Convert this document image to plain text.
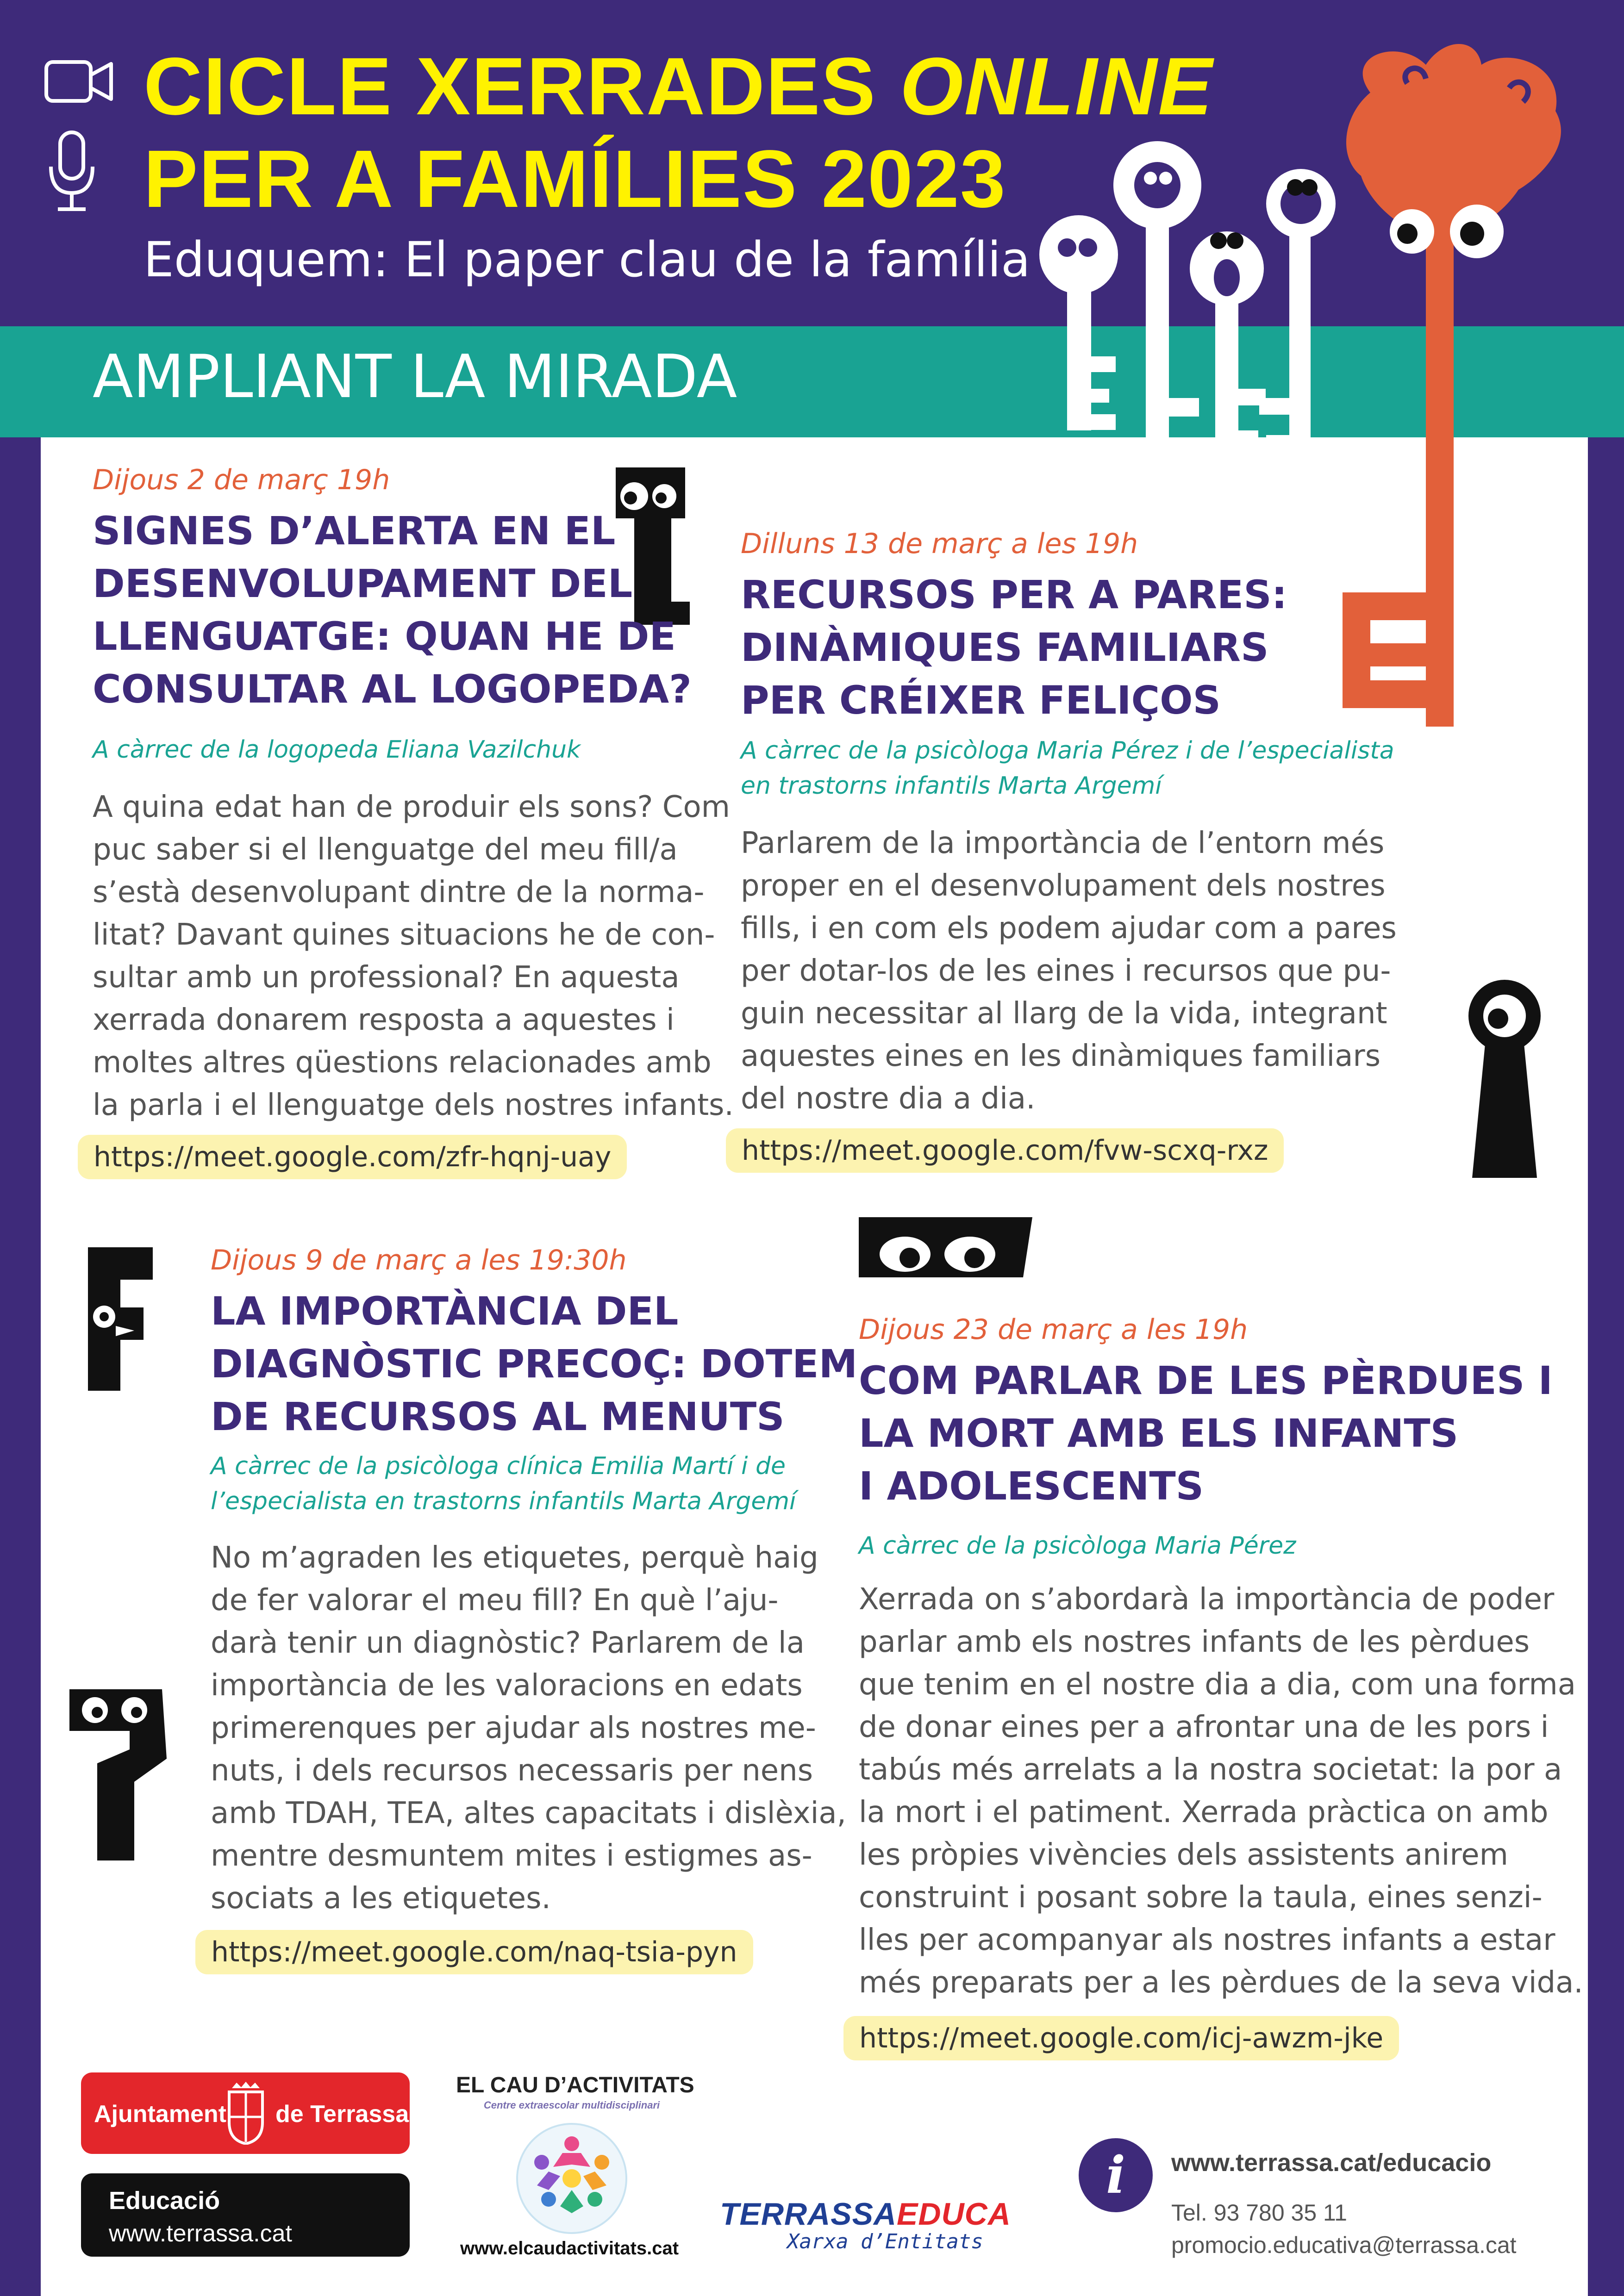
CICLE XERRADES ONLINE
PER A FAMÍLIES 2023
Eduquem: El paper clau de la família
AMPLIANT LA MIRADA
Dijous 2 de març 19h
SIGNES D’ALERTA EN EL
DESENVOLUPAMENT DEL
LLENGUATGE: QUAN HE DE
CONSULTAR AL LOGOPEDA?
A càrrec de la logopeda Eliana Vazilchuk
A quina edat han de produir els sons? Com
puc saber si el llenguatge del meu fill/a
s’està desenvolupant dintre de la norma-
litat? Davant quines situacions he de con-
sultar amb un professional? En aquesta
xerrada donarem resposta a aquestes i
moltes altres qüestions relacionades amb
la parla i el llenguatge dels nostres infants.
https://meet.google.com/zfr-hqnj-uay
Dilluns 13 de març a les 19h
RECURSOS PER A PARES:
DINÀMIQUES FAMILIARS
PER CRÉIXER FELIÇOS
A càrrec de la psicòloga Maria Pérez i de l’especialista
en trastorns infantils Marta Argemí
Parlarem de la importància de l’entorn més
proper en el desenvolupament dels nostres
fills, i en com els podem ajudar com a pares
per dotar-los de les eines i recursos que pu-
guin necessitar al llarg de la vida, integrant
aquestes eines en les dinàmiques familiars
del nostre dia a dia.
https://meet.google.com/fvw-scxq-rxz
Dijous 9 de març a les 19:30h
LA IMPORTÀNCIA DEL
DIAGNÒSTIC PRECOÇ: DOTEM
DE RECURSOS AL MENUTS
A càrrec de la psicòloga clínica Emilia Martí i de
l’especialista en trastorns infantils Marta Argemí
No m’agraden les etiquetes, perquè haig
de fer valorar el meu fill? En què l’aju-
darà tenir un diagnòstic? Parlarem de la
importància de les valoracions en edats
primerenques per ajudar als nostres me-
nuts, i dels recursos necessaris per nens
amb TDAH, TEA, altes capacitats i dislèxia,
mentre desmuntem mites i estigmes as-
sociats a les etiquetes.
https://meet.google.com/naq-tsia-pyn
Dijous 23 de març a les 19h
COM PARLAR DE LES PÈRDUES I
LA MORT AMB ELS INFANTS
I ADOLESCENTS
A càrrec de la psicòloga Maria Pérez
Xerrada on s’abordarà la importància de poder
parlar amb els nostres infants de les pèrdues
que tenim en el nostre dia a dia, com una forma
de donar eines per a afrontar una de les pors i
tabús més arrelats a la nostra societat: la por a
la mort i el patiment. Xerrada pràctica on amb
les pròpies vivències dels assistents anirem
construint i posant sobre la taula, eines senzi-
lles per acompanyar als nostres infants a estar
més preparats per a les pèrdues de la seva vida.
https://meet.google.com/icj-awzm-jke
Ajuntament de Terrassa
Educació
www.terrassa.cat
EL CAU D’ACTIVITATS
Centre extraescolar multidisciplinari
www.elcaudactivitats.cat
TERRASSAEDUCA
Xarxa d’Entitats
i	www.terrassa.cat/educacio
Tel. 93 780 35 11
promocio.educativa@terrassa.cat
